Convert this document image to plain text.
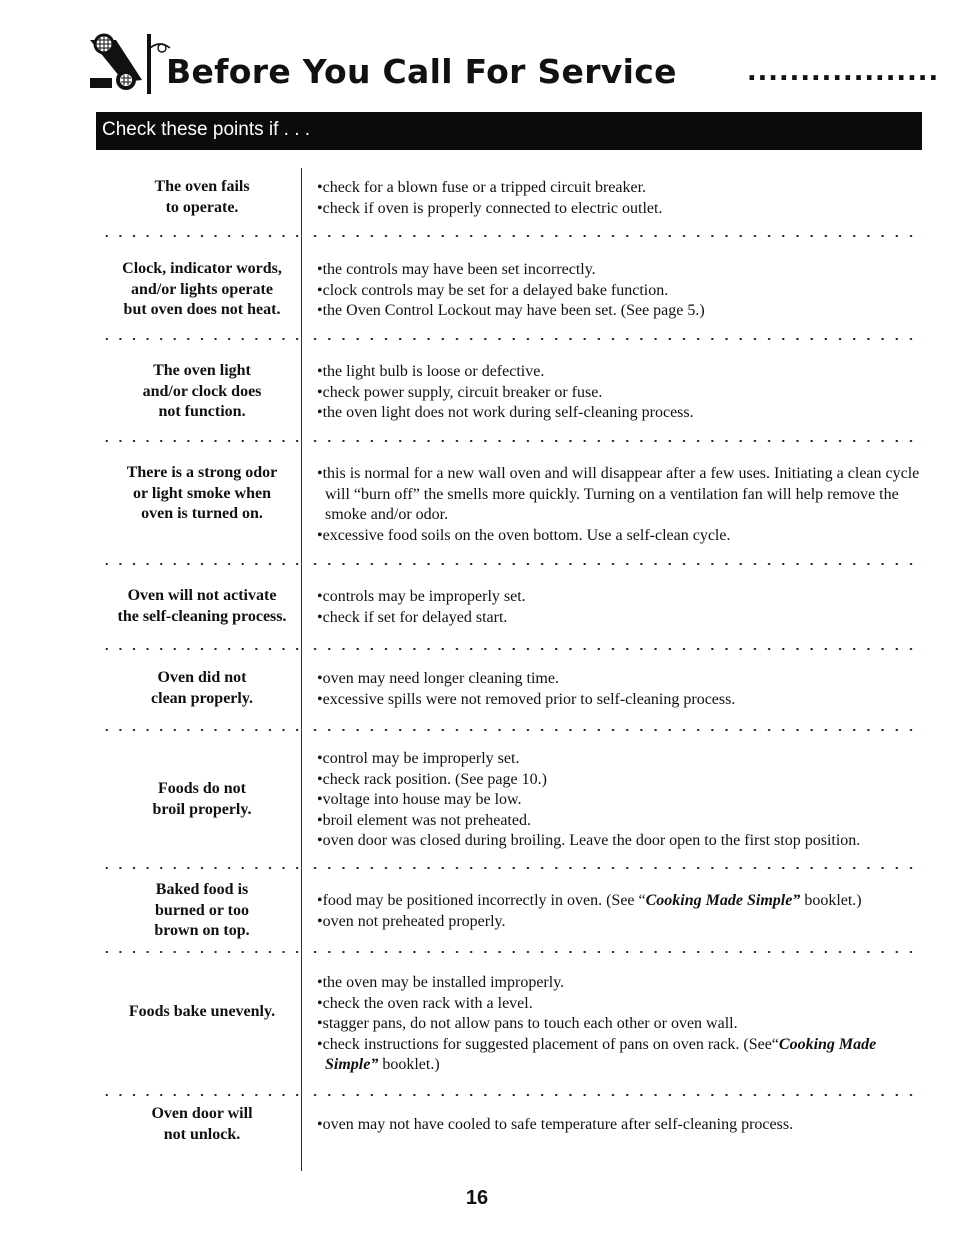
Before You Call For Service	..................
Check these points if . . .
The oven fails
to operate.
•check for a blown fuse or a tripped circuit breaker.
•check if oven is properly connected to electric outlet.
Clock, indicator words,
and/or lights operate
but oven does not heat.
•the controls may have been set incorrectly.
•clock controls may be set for a delayed bake function.
•the Oven Control Lockout may have been set. (See page 5.)
The oven light
and/or clock does
not function.
•the light bulb is loose or defective.
•check power supply, circuit breaker or fuse.
•the oven light does not work during self-cleaning process.
There is a strong odor
or light smoke when
oven is turned on.
•this is normal for a new wall oven and will disappear after a few uses. Initiating a clean cycle will “burn off” the smells more quickly. Turning on a ventilation fan will help remove the smoke and/or odor.
•excessive food soils on the oven bottom. Use a self-clean cycle.
Oven will not activate
the self-cleaning process.
•controls may be improperly set.
•check if set for delayed start.
Oven did not
clean properly.
•oven may need longer cleaning time.
•excessive spills were not removed prior to self-cleaning process.
Foods do not
broil properly.
•control may be improperly set.
•check rack position. (See page 10.)
•voltage into house may be low.
•broil element was not preheated.
•oven door was closed during broiling. Leave the door open to the first stop position.
Baked food is
burned or too
brown on top.
•food may be positioned incorrectly in oven. (See “Cooking Made Simple” booklet.)
•oven not preheated properly.
Foods bake unevenly.
•the oven may be installed improperly.
•check the oven rack with a level.
•stagger pans, do not allow pans to touch each other or oven wall.
•check instructions for suggested placement of pans on oven rack. (See“Cooking Made Simple” booklet.)
Oven door will
not unlock.
•oven may not have cooled to safe temperature after self-cleaning process.
16
